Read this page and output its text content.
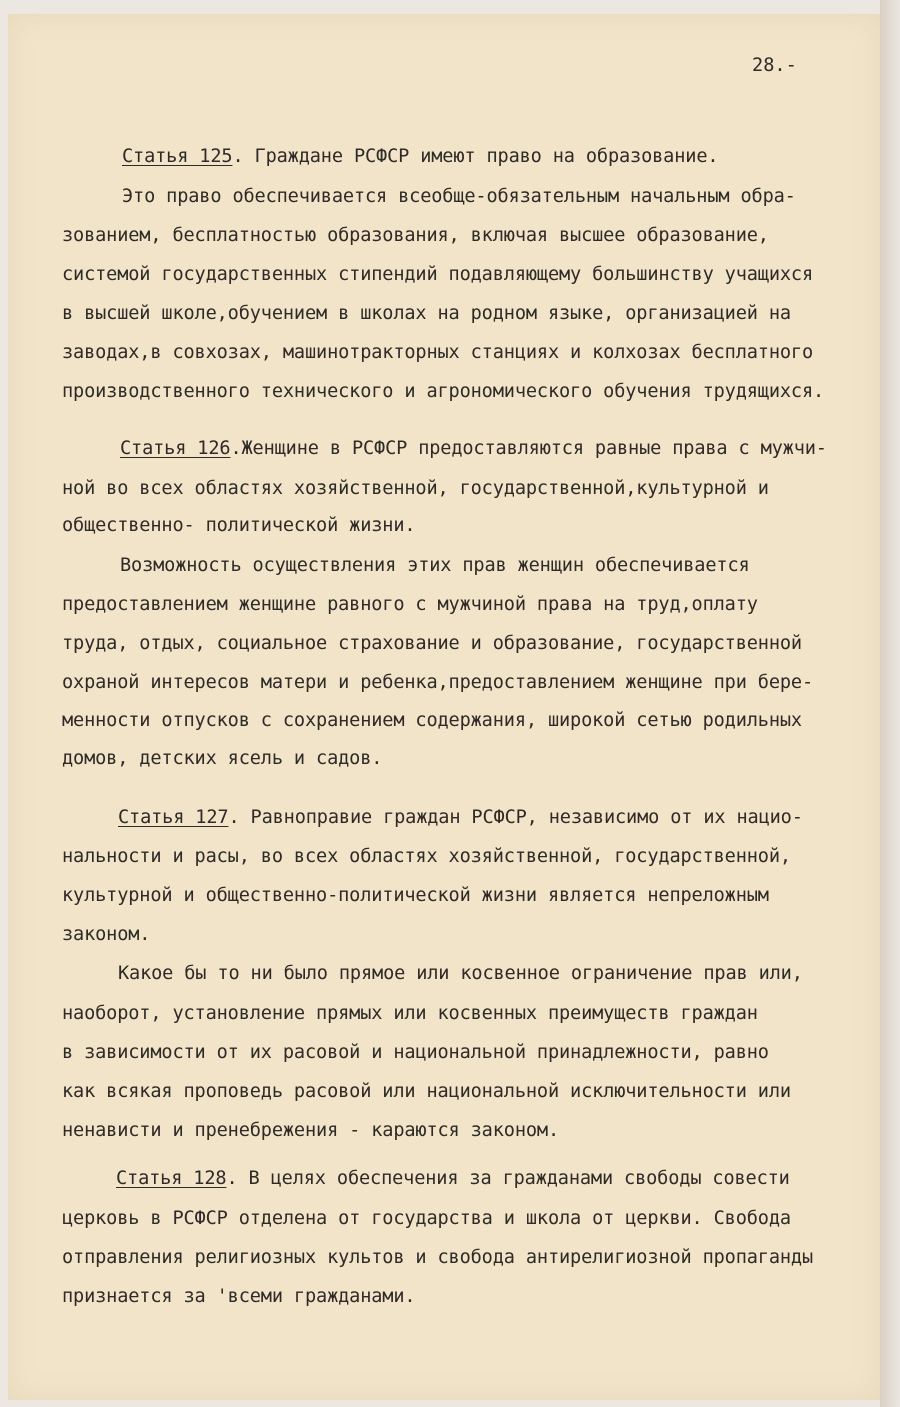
28.-

Статья 125. Граждане РСФСР имеют право на образование.

Это право обеспечивается всеобще-обязательным начальным обра-

зованием, бесплатностью образования, включая высшее образование,

системой государственных стипендий подавляющему большинству учащихся

в высшей школе,обучением в школах на родном языке, организацией на

заводах,в совхозах, машинотракторных станциях и колхозах бесплатного

производственного технического и агрономического обучения трудящихся.

Статья 126.Женщине в РСФСР предоставляются равные права с мужчи-

ной во всех областях хозяйственной, государственной,культурной и

общественно- политической жизни.

Возможность осуществления этих прав женщин обеспечивается

предоставлением женщине равного с мужчиной права на труд,оплату

труда, отдых, социальное страхование и образование, государственной

охраной интересов матери и ребенка,предоставлением женщине при бере-

менности отпусков с сохранением содержания, широкой сетью родильных

домов, детских ясель и садов.

Статья 127. Равноправие граждан РСФСР, независимо от их нацио-

нальности и расы, во всех областях хозяйственной, государственной,

культурной и общественно-политической жизни является непреложным

законом.

Какое бы то ни было прямое или косвенное ограничение прав или,

наоборот, установление прямых или косвенных преимуществ граждан

в зависимости от их расовой и национальной принадлежности, равно

как всякая проповедь расовой или национальной исключительности или

ненависти и пренебрежения - караются законом.

Статья 128. В целях обеспечения за гражданами свободы совести

церковь в РСФСР отделена от государства и школа от церкви. Свобода

отправления религиозных культов и свобода антирелигиозной пропаганды

признается за 'всеми гражданами.
